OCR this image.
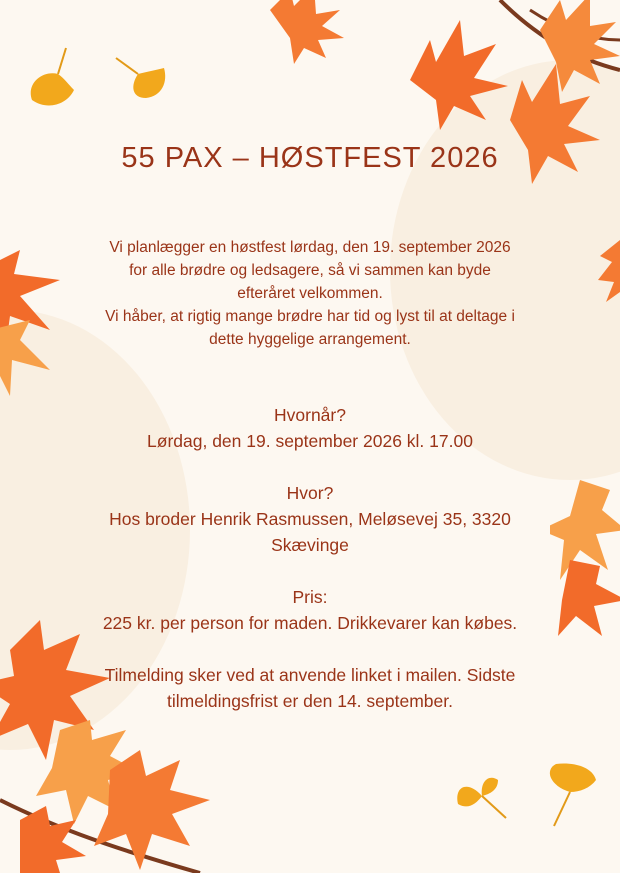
55 PAX – HØSTFEST 2026
Vi planlægger en høstfest lørdag, den 19. september 2026
for alle brødre og ledsagere, så vi sammen kan byde
efteråret velkommen.
Vi håber, at rigtig mange brødre har tid og lyst til at deltage i
dette hyggelige arrangement.
Hvornår?
Lørdag, den 19. september 2026 kl. 17.00
Hvor?
Hos broder Henrik Rasmussen, Meløsevej 35, 3320 Skævinge
Pris:
225 kr. per person for maden. Drikkevarer kan købes.
Tilmelding sker ved at anvende linket i mailen. Sidste tilmeldingsfrist er den 14. september.
